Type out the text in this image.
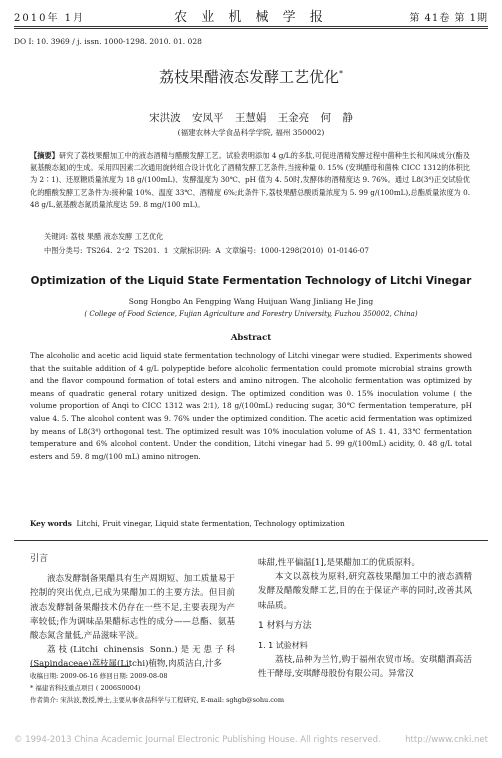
2010年 1月	农 业 机 械 学 报	第 41卷 第 1期
DO I: 10. 3969 / j. issn. 1000-1298. 2010. 01. 028
荔枝果醋液态发酵工艺优化*
宋洪波 安凤平 王慧娟 王金亮 何 静
(福建农林大学食品科学学院, 福州 350002)
【摘要】研究了荔枝果醋加工中的液态酒精与醋酸发酵工艺。试验表明添加 4 g/L的多肽,可促进酒精发酵过程中菌种生长和风味成分(酯及氨基酸态氮)的生成。采用四因素二次通用旋转组合设计优化了酒精发酵工艺条件,当接种量 0. 15% (安琪醋母和菌株 CICC 1312的体积比为 2∶1)、还原糖质量浓度为 18 g/(100mL)、发酵温度为 30℃、pH 值为 4. 50时,发酵体的酒精度达 9. 76%。通过 L8(3⁴)正交试验优化的醋酸发酵工艺条件为:接种量 10%、温度 33℃、酒精度 6%;此条件下,荔枝果醋总酸质量浓度为 5. 99 g/(100mL),总酯质量浓度为 0. 48 g/L,氨基酸态氮质量浓度达 59. 8 mg/(100 mL)。
关键词: 荔枝 果醋 液态发酵 工艺优化
中图分类号: TS264. 2⁺2 TS201. 1 文献标识码: A 文章编号: 1000-1298(2010) 01-0146-07
Optimization of the Liquid State Fermentation Technology of Litchi Vinegar
Song Hongbo An Fengping Wang Huijuan Wang Jinliang He Jing
( College of Food Science, Fujian Agriculture and Forestry University, Fuzhou 350002, China)
Abstract
The alcoholic and acetic acid liquid state fermentation technology of Litchi vinegar were studied. Experiments showed that the suitable addition of 4 g/L polypeptide before alcoholic fermentation could promote microbial strains growth and the flavor compound formation of total esters and amino nitrogen. The alcoholic fermentation was optimized by means of quadratic general rotary unitized design. The optimized condition was 0. 15% inoculation volume ( the volume proportion of Anqi to CICC 1312 was 2∶1), 18 g/(100mL) reducing sugar, 30℃ fermentation temperature, pH value 4. 5. The alcohol content was 9. 76% under the optimized condition. The acetic acid fermentation was optimized by means of L8(3⁴) orthogonal test. The optimized result was 10% inoculation volume of AS 1. 41, 33℃ fermentation temperature and 6% alcohol content. Under the condition, Litchi vinegar had 5. 99 g/(100mL) acidity, 0. 48 g/L total esters and 59. 8 mg/(100 mL) amino nitrogen.
Key words Litchi, Fruit vinegar, Liquid state fermentation, Technology optimization
引言

液态发酵制备果醋具有生产周期短、加工质量易于控制的突出优点,已成为果醋加工的主要方法。但目前液态发酵制备果醋技术仍存在一些不足,主要表现为产率较低;作为调味品果醋标志性的成分——总酯、氨基酸态氮含量低,产品滋味平淡。

荔枝(Litchi chinensis Sonn.)是无患子科(Sapindaceae)荔枝属(Litchi)植物,肉质洁白,汁多

味甜,性平偏温[1],是果醋加工的优质原料。

本文以荔枝为原料,研究荔枝果醋加工中的液态酒精发酵及醋酸发酵工艺,目的在于保证产率的同时,改善其风味品质。

1 材料与方法
1. 1 试验材料

荔枝,品种为兰竹,购于福州农贸市场。安琪醋酒高活性干酵母,安琪酵母股份有限公司。异常汉

收稿日期: 2009-06-16 修回日期: 2009-08-08
* 福建省科技重点项目 ( 2006S0004)
作者简介: 宋洪波,教授,博士,主要从事食品科学与工程研究, E-mail: sghgb@sohu.com
© 1994-2013 China Academic Journal Electronic Publishing House. All rights reserved.	http://www.cnki.net
